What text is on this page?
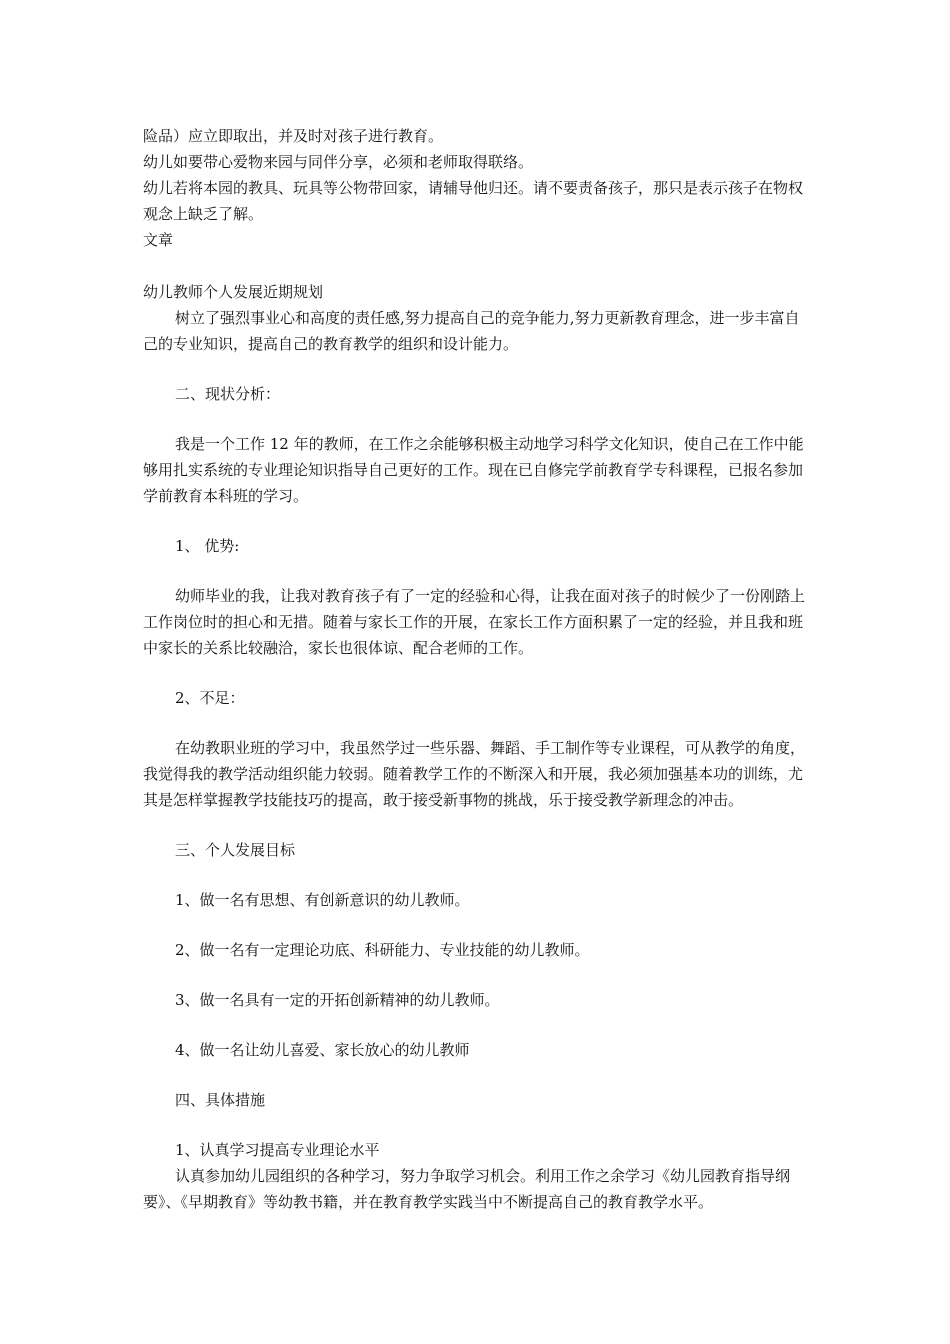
险品）应立即取出，并及时对孩子进行教育。

幼儿如要带心爱物来园与同伴分享，必须和老师取得联络。

幼儿若将本园的教具、玩具等公物带回家，请辅导他归还。请不要责备孩子，那只是表示孩子在物权观念上缺乏了解。

文章

幼儿教师个人发展近期规划

树立了强烈事业心和高度的责任感,努力提高自己的竞争能力,努力更新教育理念，进一步丰富自己的专业知识，提高自己的教育教学的组织和设计能力。

二、现状分析：

我是一个工作 12 年的教师，在工作之余能够积极主动地学习科学文化知识，使自己在工作中能够用扎实系统的专业理论知识指导自己更好的工作。现在已自修完学前教育学专科课程，已报名参加学前教育本科班的学习。

1、 优势:

幼师毕业的我，让我对教育孩子有了一定的经验和心得，让我在面对孩子的时候少了一份刚踏上工作岗位时的担心和无措。随着与家长工作的开展，在家长工作方面积累了一定的经验，并且我和班中家长的关系比较融洽，家长也很体谅、配合老师的工作。

2、不足：

在幼教职业班的学习中，我虽然学过一些乐器、舞蹈、手工制作等专业课程，可从教学的角度，我觉得我的教学活动组织能力较弱。随着教学工作的不断深入和开展，我必须加强基本功的训练，尤其是怎样掌握教学技能技巧的提高，敢于接受新事物的挑战，乐于接受教学新理念的冲击。

三、个人发展目标

1、做一名有思想、有创新意识的幼儿教师。

2、做一名有一定理论功底、科研能力、专业技能的幼儿教师。

3、做一名具有一定的开拓创新精神的幼儿教师。

4、做一名让幼儿喜爱、家长放心的幼儿教师

四、具体措施

1、认真学习提高专业理论水平

认真参加幼儿园组织的各种学习，努力争取学习机会。利用工作之余学习《幼儿园教育指导纲要》、《早期教育》等幼教书籍，并在教育教学实践当中不断提高自己的教育教学水平。
